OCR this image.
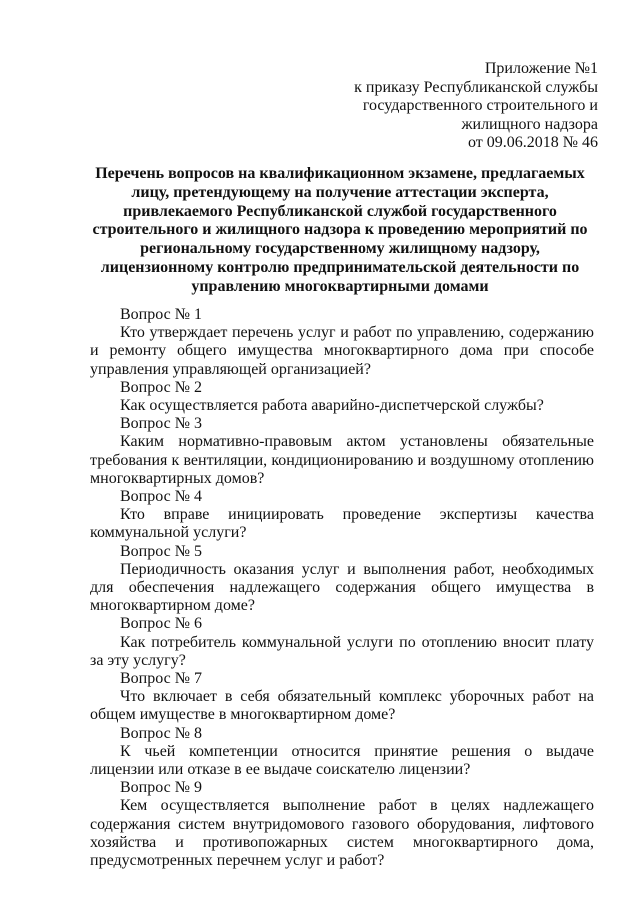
Приложение №1
к приказу Республиканской службы
государственного строительного и
жилищного надзора
от 09.06.2018 № 46
Перечень вопросов на квалификационном экзамене, предлагаемых лицу, претендующему на получение аттестации эксперта, привлекаемого Республиканской службой государственного строительного и жилищного надзора к проведению мероприятий по региональному государственному жилищному надзору, лицензионному контролю предпринимательской деятельности по управлению многоквартирными домами
Вопрос № 1
Кто утверждает перечень услуг и работ по управлению, содержанию и ремонту общего имущества многоквартирного дома при способе управления управляющей организацией?
Вопрос № 2
Как осуществляется работа аварийно-диспетчерской службы?
Вопрос № 3
Каким нормативно-правовым актом установлены обязательные требования к вентиляции, кондиционированию и воздушному отоплению многоквартирных домов?
Вопрос № 4
Кто вправе инициировать проведение экспертизы качества коммунальной услуги?
Вопрос № 5
Периодичность оказания услуг и выполнения работ, необходимых для обеспечения надлежащего содержания общего имущества в многоквартирном доме?
Вопрос № 6
Как потребитель коммунальной услуги по отоплению вносит плату за эту услугу?
Вопрос № 7
Что включает в себя обязательный комплекс уборочных работ на общем имуществе в многоквартирном доме?
Вопрос № 8
К чьей компетенции относится принятие решения о выдаче лицензии или отказе в ее выдаче соискателю лицензии?
Вопрос № 9
Кем осуществляется выполнение работ в целях надлежащего содержания систем внутридомового газового оборудования, лифтового хозяйства и противопожарных систем многоквартирного дома, предусмотренных перечнем услуг и работ?
